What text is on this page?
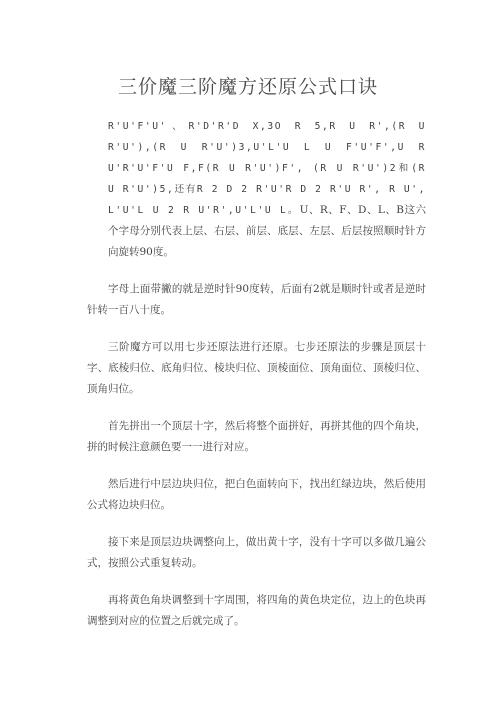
三价魔三阶魔方还原公式口诀

R'U'F'U'、R'D'R'D X,3O R 5,R U R',(R U R'U'),(R U R'U')3,U'L'U L U F'U'F',U R U'R'U'F'U F,F(R U R'U')F', (R U R'U')2和(R U R'U')5,还有R 2 D 2 R'U'R D 2 R'U R', R U',L'U'L U 2 R U'R',U'L'U L。U、R、F、D、L、B这六个字母分别代表上层、右层、前层、底层、左层、后层按照顺时针方向旋转90度。

字母上面带撇的就是逆时针90度转，后面有2就是顺时针或者是逆时针转一百八十度。

三阶魔方可以用七步还原法进行还原。七步还原法的步骤是顶层十字、底棱归位、底角归位、棱块归位、顶棱面位、顶角面位、顶棱归位、顶角归位。

首先拼出一个顶层十字，然后将整个面拼好，再拼其他的四个角块，拼的时候注意颜色要一一进行对应。

然后进行中层边块归位，把白色面转向下，找出红绿边块，然后使用公式将边块归位。

接下来是顶层边块调整向上，做出黄十字，没有十字可以多做几遍公式，按照公式重复转动。

再将黄色角块调整到十字周围，将四角的黄色块定位，边上的色块再调整到对应的位置之后就完成了。
